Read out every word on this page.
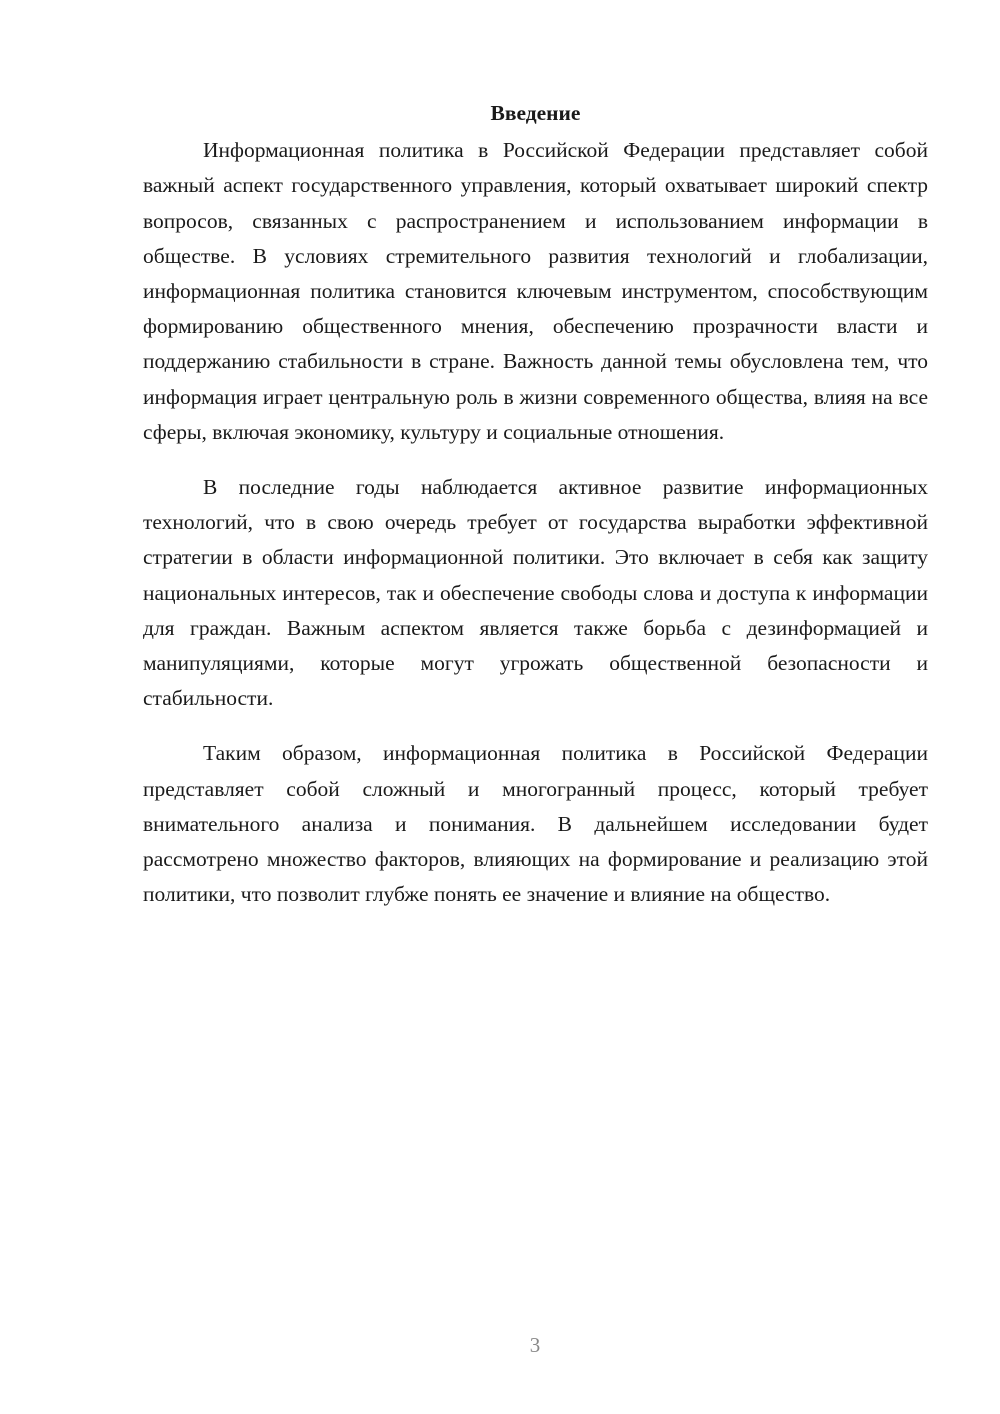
Введение

Информационная политика в Российской Федерации представляет собой важный аспект государственного управления, который охватывает широкий спектр вопросов, связанных с распространением и использованием информации в обществе. В условиях стремительного развития технологий и глобализации, информационная политика становится ключевым инструментом, способствующим формированию общественного мнения, обеспечению прозрачности власти и поддержанию стабильности в стране. Важность данной темы обусловлена тем, что информация играет центральную роль в жизни современного общества, влияя на все сферы, включая экономику, культуру и социальные отношения.

В последние годы наблюдается активное развитие информационных технологий, что в свою очередь требует от государства выработки эффективной стратегии в области информационной политики. Это включает в себя как защиту национальных интересов, так и обеспечение свободы слова и доступа к информации для граждан. Важным аспектом является также борьба с дезинформацией и манипуляциями, которые могут угрожать общественной безопасности и стабильности.

Таким образом, информационная политика в Российской Федерации представляет собой сложный и многогранный процесс, который требует внимательного анализа и понимания. В дальнейшем исследовании будет рассмотрено множество факторов, влияющих на формирование и реализацию этой политики, что позволит глубже понять ее значение и влияние на общество.

3
